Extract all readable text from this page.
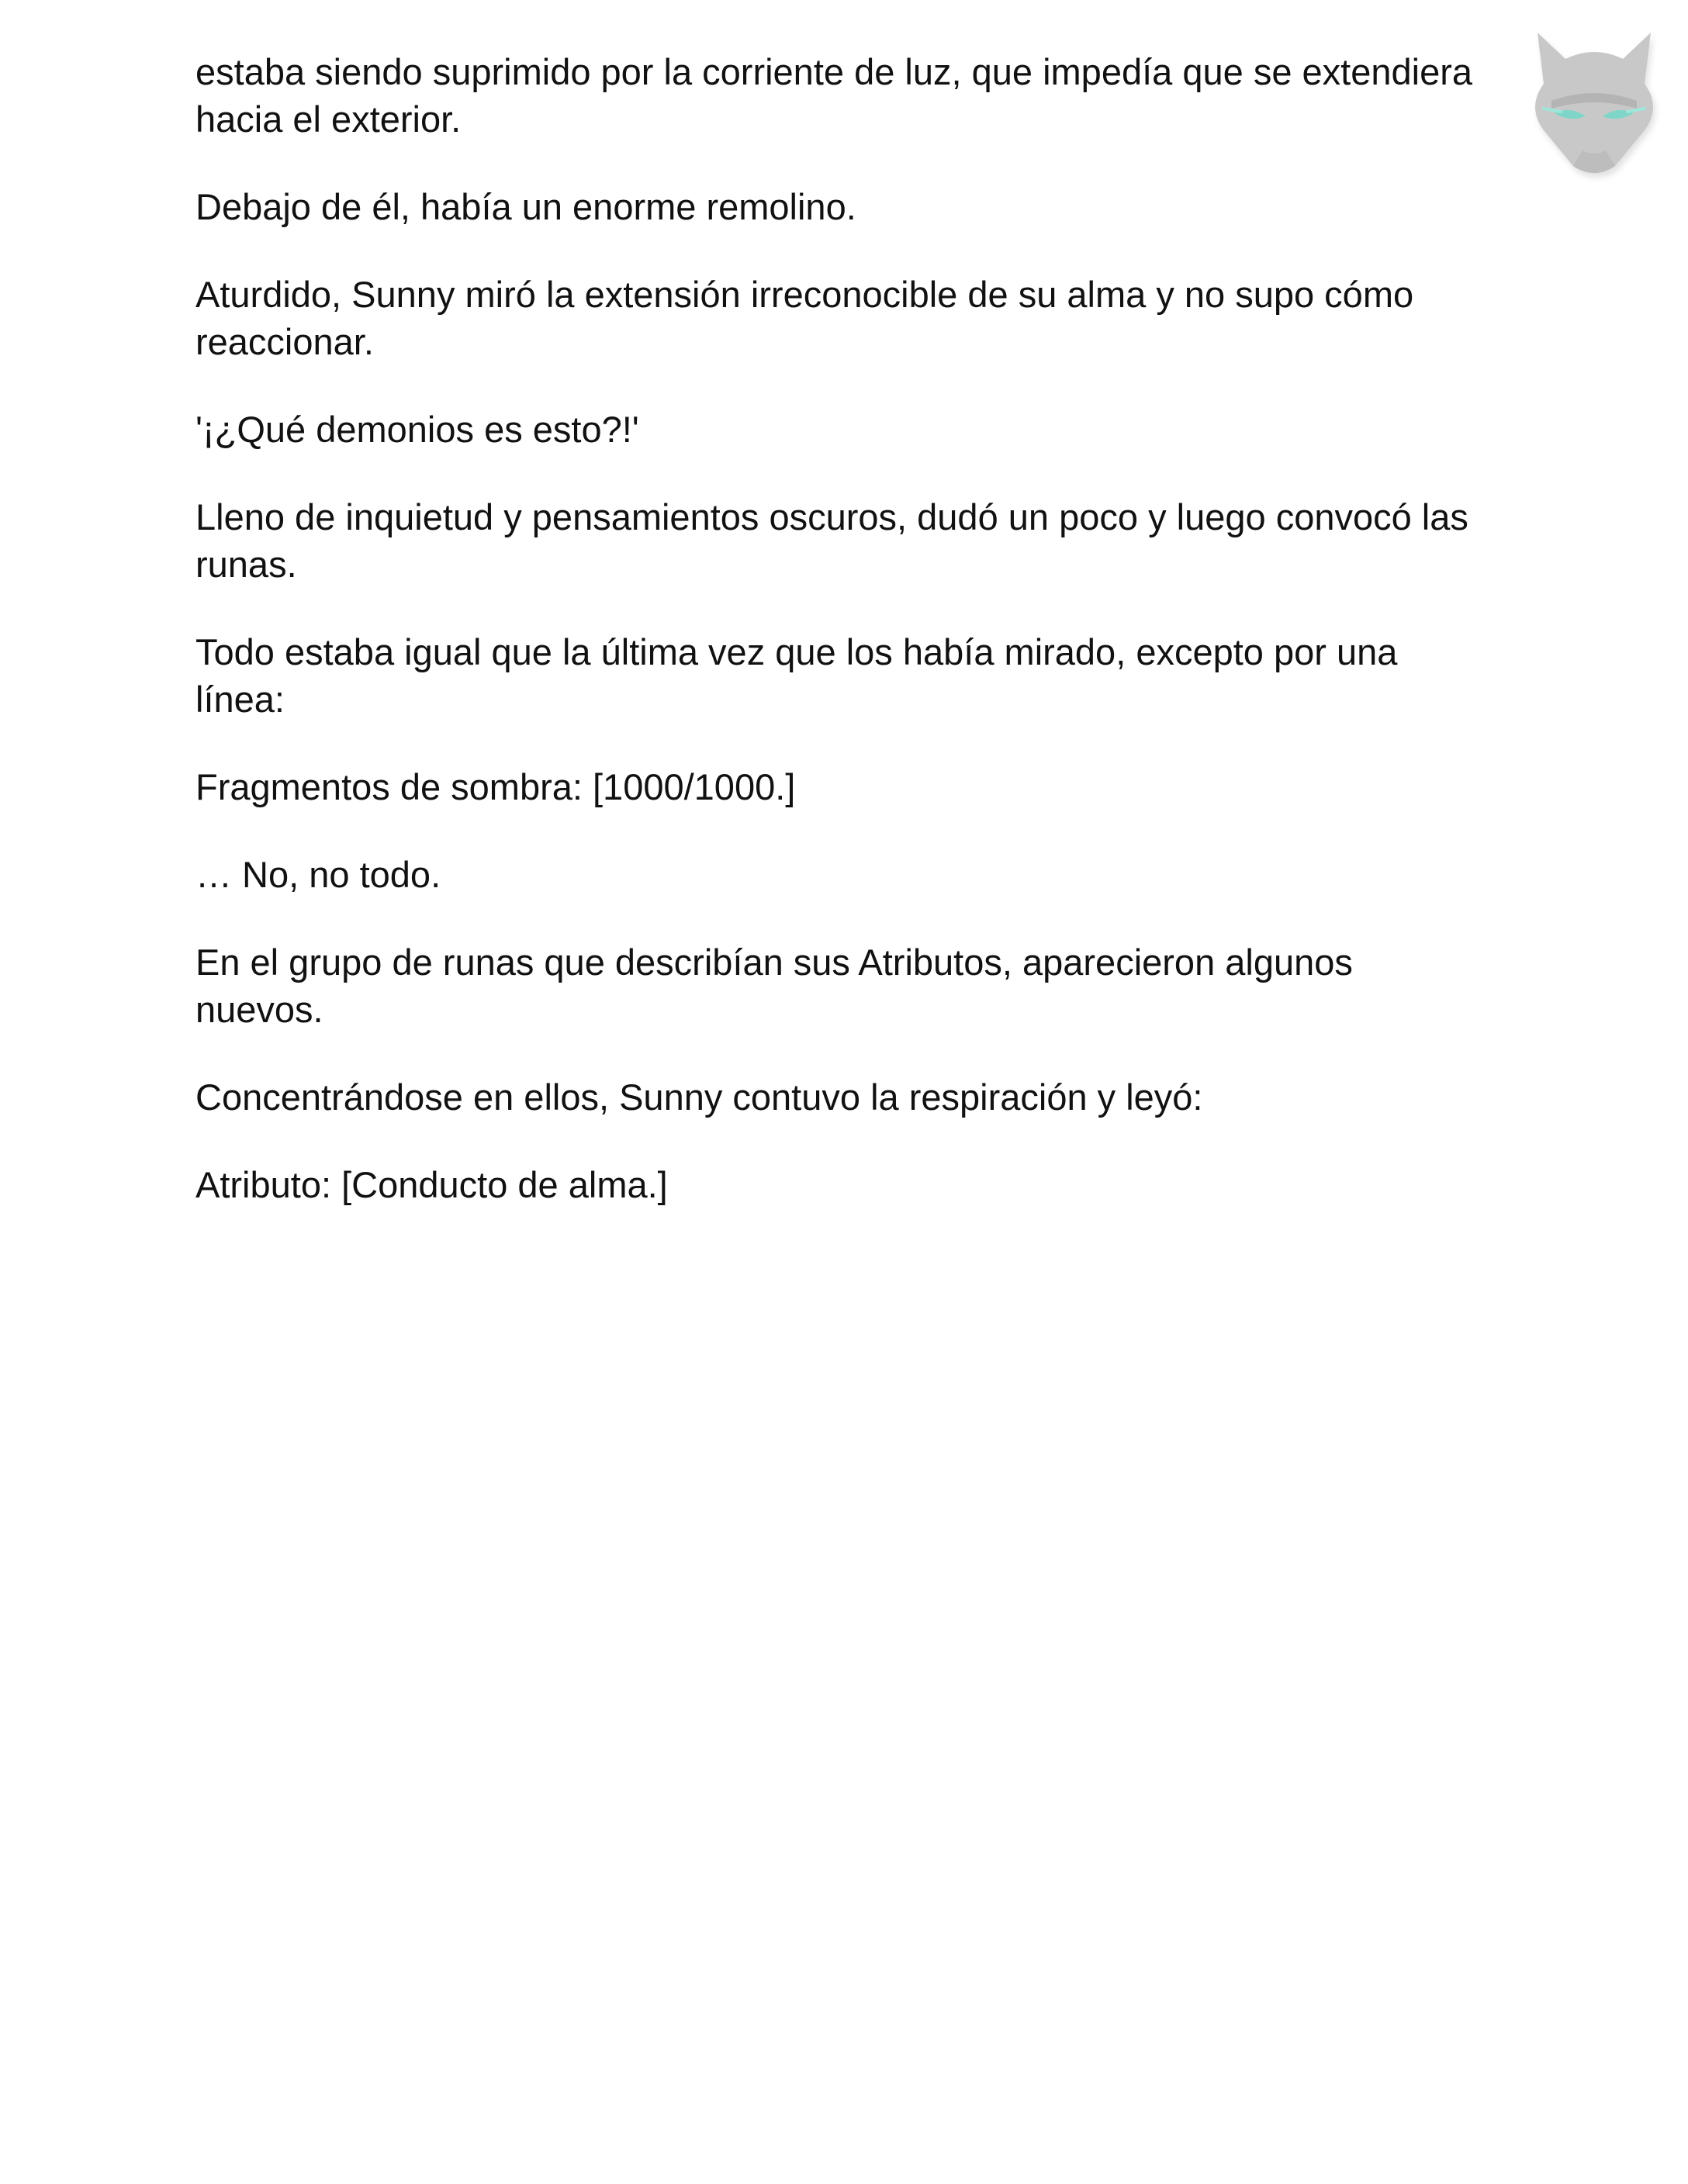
estaba siendo suprimido por la corriente de luz, que impedía que se extendiera hacia el exterior.

Debajo de él, había un enorme remolino.

Aturdido, Sunny miró la extensión irreconocible de su alma y no supo cómo reaccionar.

'¡¿Qué demonios es esto?!'

Lleno de inquietud y pensamientos oscuros, dudó un poco y luego convocó las runas.

Todo estaba igual que la última vez que los había mirado, excepto por una línea:

Fragmentos de sombra: [1000/1000.]

… No, no todo.

En el grupo de runas que describían sus Atributos, aparecieron algunos nuevos.

Concentrándose en ellos, Sunny contuvo la respiración y leyó:

Atributo: [Conducto de alma.]
